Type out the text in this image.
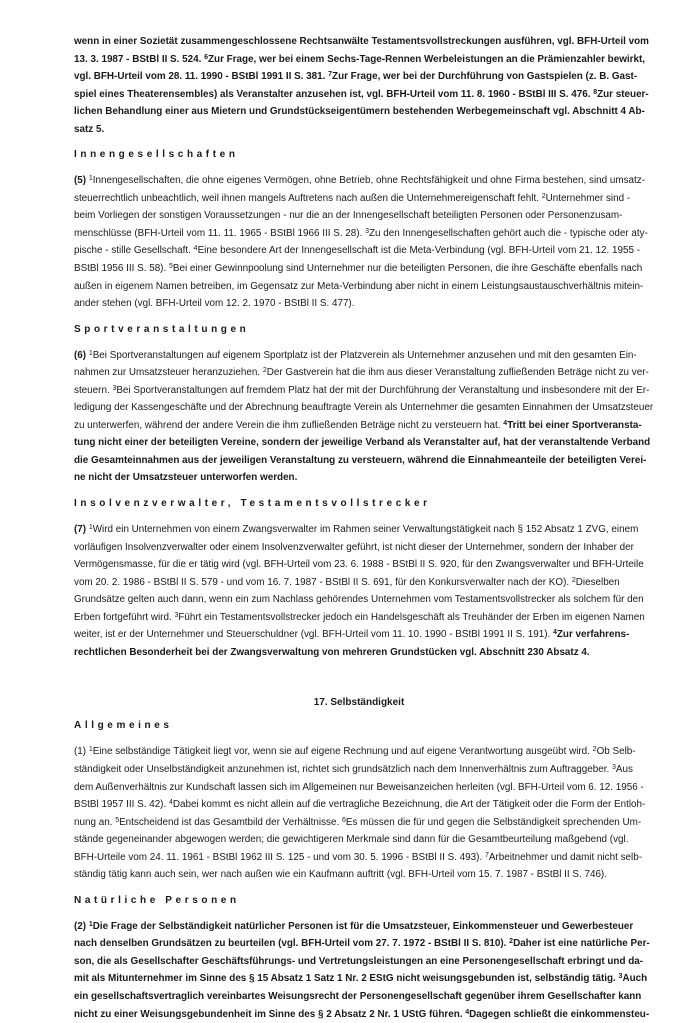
wenn in einer Sozietät zusammengeschlossene Rechtsanwälte Testamentsvollstreckungen ausführen, vgl. BFH-Urteil vom
13. 3. 1987 - BStBl II S. 524. $^6$Zur Frage, wer bei einem Sechs-Tage-Rennen Werbeleistungen an die Prämienzahler bewirkt,
vgl. BFH-Urteil vom 28. 11. 1990 - BStBl 1991 II S. 381. $^7$Zur Frage, wer bei der Durchführung von Gastspielen (z. B. Gast-
spiel eines Theaterensembles) als Veranstalter anzusehen ist, vgl. BFH-Urteil vom 11. 8. 1960 - BStBl III S. 476. $^8$Zur steuer-
lichen Behandlung einer aus Mietern und Grundstückseigentümern bestehenden Werbegemeinschaft vgl. Abschnitt 4 Ab-
satz 5.
Innengesellschaften
(5) $^1$Innengesellschaften, die ohne eigenes Vermögen, ohne Betrieb, ohne Rechtsfähigkeit und ohne Firma bestehen, sind umsatz-
steuerrechtlich unbeachtlich, weil ihnen mangels Auftretens nach außen die Unternehmereigenschaft fehlt. $^2$Unternehmer sind -
beim Vorliegen der sonstigen Voraussetzungen - nur die an der Innengesellschaft beteiligten Personen oder Personenzusam-
menschlüsse (BFH-Urteil vom 11. 11. 1965 - BStBl 1966 III S. 28). $^3$Zu den Innengesellschaften gehört auch die - typische oder aty-
pische - stille Gesellschaft. $^4$Eine besondere Art der Innengesellschaft ist die Meta-Verbindung (vgl. BFH-Urteil vom 21. 12. 1955 -
BStBl 1956 III S. 58). $^5$Bei einer Gewinnpoolung sind Unternehmer nur die beteiligten Personen, die ihre Geschäfte ebenfalls nach
außen in eigenem Namen betreiben, im Gegensatz zur Meta-Verbindung aber nicht in einem Leistungsaustauschverhältnis mitein-
ander stehen (vgl. BFH-Urteil vom 12. 2. 1970 - BStBl II S. 477).
Sportveranstaltungen
(6) $^1$Bei Sportveranstaltungen auf eigenem Sportplatz ist der Platzverein als Unternehmer anzusehen und mit den gesamten Ein-
nahmen zur Umsatzsteuer heranzuziehen. $^2$Der Gastverein hat die ihm aus dieser Veranstaltung zufließenden Beträge nicht zu ver-
steuern. $^3$Bei Sportveranstaltungen auf fremdem Platz hat der mit der Durchführung der Veranstaltung und insbesondere mit der Er-
ledigung der Kassengeschäfte und der Abrechnung beauftragte Verein als Unternehmer die gesamten Einnahmen der Umsatzsteuer
zu unterwerfen, während der andere Verein die ihm zufließenden Beträge nicht zu versteuern hat. $^4$Tritt bei einer Sportveransta-
tung nicht einer der beteiligten Vereine, sondern der jeweilige Verband als Veranstalter auf, hat der veranstaltende Verband
die Gesamteinnahmen aus der jeweiligen Veranstaltung zu versteuern, während die Einnahmeanteile der beteiligten Verei-
ne nicht der Umsatzsteuer unterworfen werden.
Insolvenzverwalter, Testamentsvollstrecker
(7) $^1$Wird ein Unternehmen von einem Zwangsverwalter im Rahmen seiner Verwaltungstätigkeit nach § 152 Absatz 1 ZVG, einem
vorläufigen Insolvenzverwalter oder einem Insolvenzverwalter geführt, ist nicht dieser der Unternehmer, sondern der Inhaber der
Vermögensmasse, für die er tätig wird (vgl. BFH-Urteil vom 23. 6. 1988 - BStBl II S. 920, für den Zwangsverwalter und BFH-Urteile
vom 20. 2. 1986 - BStBl II S. 579 - und vom 16. 7. 1987 - BStBl II S. 691, für den Konkursverwalter nach der KO). $^2$Dieselben
Grundsätze gelten auch dann, wenn ein zum Nachlass gehörendes Unternehmen vom Testamentsvollstrecker als solchem für den
Erben fortgeführt wird. $^3$Führt ein Testamentsvollstrecker jedoch ein Handelsgeschäft als Treuhänder der Erben im eigenen Namen
weiter, ist er der Unternehmer und Steuerschuldner (vgl. BFH-Urteil vom 11. 10. 1990 - BStBl 1991 II S. 191). $^4$Zur verfahrens-
rechtlichen Besonderheit bei der Zwangsverwaltung von mehreren Grundstücken vgl. Abschnitt 230 Absatz 4.
17. Selbständigkeit
Allgemeines
(1) $^1$Eine selbständige Tätigkeit liegt vor, wenn sie auf eigene Rechnung und auf eigene Verantwortung ausgeübt wird. $^2$Ob Selb-
ständigkeit oder Unselbständigkeit anzunehmen ist, richtet sich grundsätzlich nach dem Innenverhältnis zum Auftraggeber. $^3$Aus
dem Außenverhältnis zur Kundschaft lassen sich im Allgemeinen nur Beweisanzeichen herleiten (vgl. BFH-Urteil vom 6. 12. 1956 -
BStBl 1957 III S. 42). $^4$Dabei kommt es nicht allein auf die vertragliche Bezeichnung, die Art der Tätigkeit oder die Form der Entloh-
nung an. $^5$Entscheidend ist das Gesamtbild der Verhältnisse. $^6$Es müssen die für und gegen die Selbständigkeit sprechenden Um-
stände gegeneinander abgewogen werden; die gewichtigeren Merkmale sind dann für die Gesamtbeurteilung maßgebend (vgl.
BFH-Urteile vom 24. 11. 1961 - BStBl 1962 III S. 125 - und vom 30. 5. 1996 - BStBl II S. 493). $^7$Arbeitnehmer und damit nicht selb-
ständig tätig kann auch sein, wer nach außen wie ein Kaufmann auftritt (vgl. BFH-Urteil vom 15. 7. 1987 - BStBl II S. 746).
Natürliche Personen
(2) $^1$Die Frage der Selbständigkeit natürlicher Personen ist für die Umsatzsteuer, Einkommensteuer und Gewerbesteuer
nach denselben Grundsätzen zu beurteilen (vgl. BFH-Urteil vom 27. 7. 1972 - BStBl II S. 810). $^2$Daher ist eine natürliche Per-
son, die als Gesellschafter Geschäftsführungs- und Vertretungsleistungen an eine Personengesellschaft erbringt und da-
mit als Mitunternehmer im Sinne des § 15 Absatz 1 Satz 1 Nr. 2 EStG nicht weisungsgebunden ist, selbständig tätig. $^3$Auch
ein gesellschaftsvertraglich vereinbartes Weisungsrecht der Personengesellschaft gegenüber ihrem Gesellschafter kann
nicht zu einer Weisungsgebundenheit im Sinne des § 2 Absatz 2 Nr. 1 UStG führen. $^4$Dagegen schließt die einkommensteu-
